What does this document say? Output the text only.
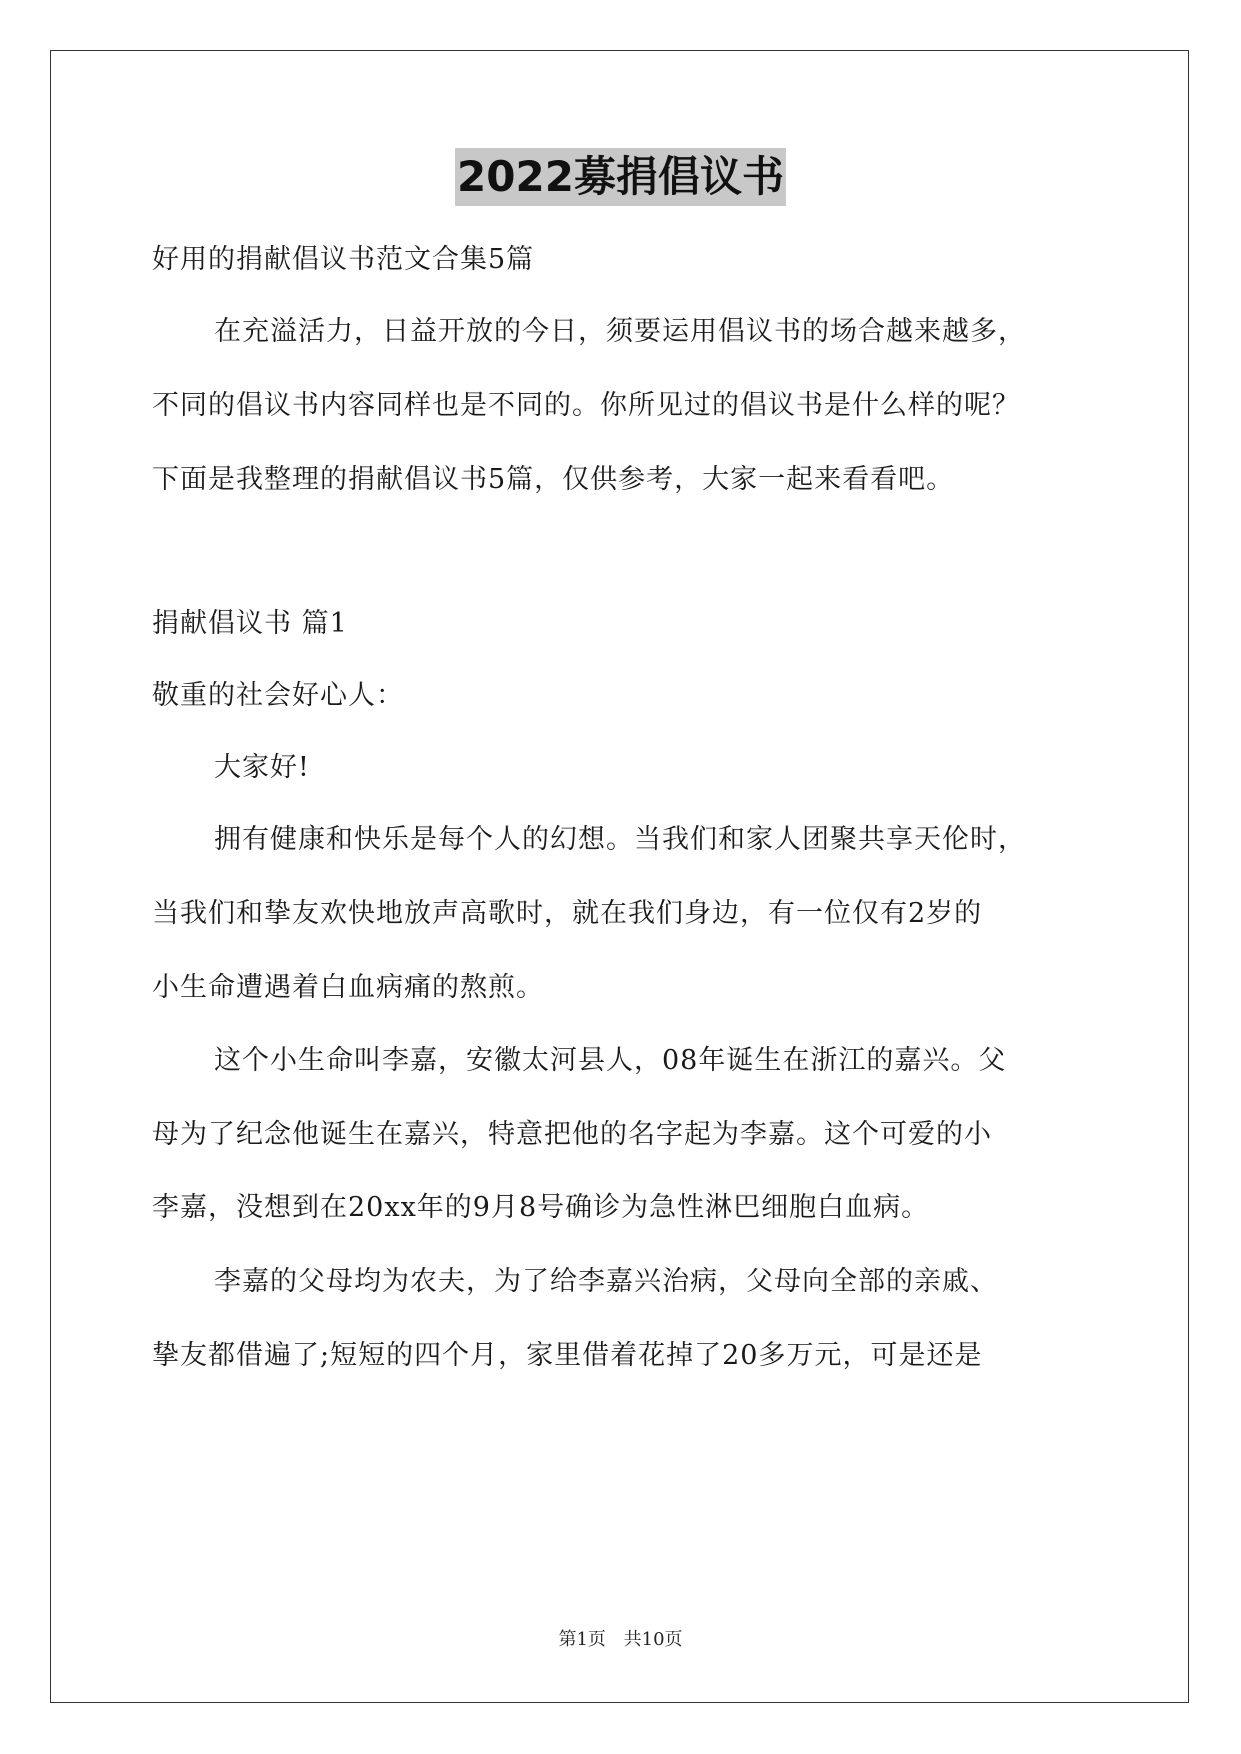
2022募捐倡议书
好用的捐献倡议书范文合集5篇
在充溢活力，日益开放的今日，须要运用倡议书的场合越来越多，
不同的倡议书内容同样也是不同的。你所见过的倡议书是什么样的呢？
下面是我整理的捐献倡议书5篇，仅供参考，大家一起来看看吧。
捐献倡议书 篇1
敬重的社会好心人：
大家好!
拥有健康和快乐是每个人的幻想。当我们和家人团聚共享天伦时，
当我们和挚友欢快地放声高歌时，就在我们身边，有一位仅有2岁的
小生命遭遇着白血病痛的熬煎。
这个小生命叫李嘉，安徽太河县人，08年诞生在浙江的嘉兴。父
母为了纪念他诞生在嘉兴，特意把他的名字起为李嘉。这个可爱的小
李嘉，没想到在20xx年的9月8号确诊为急性淋巴细胞白血病。
李嘉的父母均为农夫，为了给李嘉兴治病，父母向全部的亲戚、
挚友都借遍了;短短的四个月，家里借着花掉了20多万元，可是还是
第1页 共10页
